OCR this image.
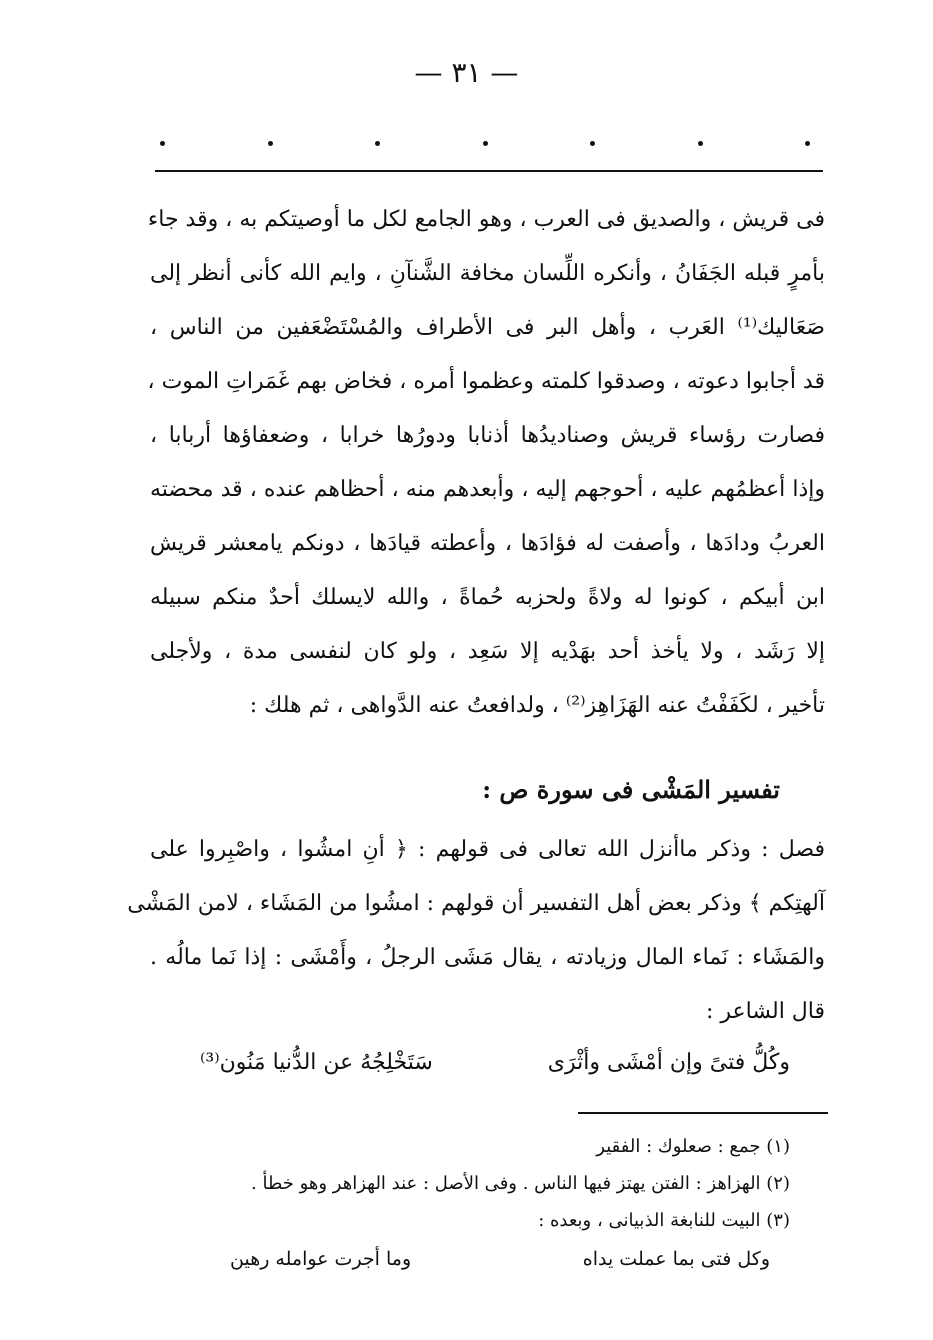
— ٣١ —
فى قريش ، والصديق فى العرب ، وهو الجامع لكل ما أوصيتكم به ، وقد جاء
بأمرٍ قبله الجَفَانُ ، وأنكره اللِّسان مخافة الشَّنآنِ ، وايم الله كأنى أنظر إلى
صَعَاليك⁽¹⁾ العَرب ، وأهل البر فى الأطراف والمُسْتَضْعَفين من الناس ،
قد أجابوا دعوته ، وصدقوا كلمته وعظموا أمره ، فخاض بهم غَمَراتِ الموت ،
فصارت رؤساء قريش وصناديدُها أذنابا ودورُها خرابا ، وضعفاؤها أربابا ،
وإذا أعظمُهم عليه ، أحوجهم إليه ، وأبعدهم منه ، أحظاهم عنده ، قد محضته
العربُ ودادَها ، وأصفت له فؤادَها ، وأعطته قيادَها ، دونكم يامعشر قريش
ابن أبيكم ، كونوا له ولاةً ولحزبه حُماةً ، والله لايسلك أحدٌ منكم سبيله
إلا رَشَد ، ولا يأخذ أحد بهَدْيه إلا سَعِد ، ولو كان لنفسى مدة ، ولأجلى
تأخير ، لكَفَفْتُ عنه الهَزَاهِز⁽²⁾ ، ولدافعتُ عنه الدَّواهى ، ثم هلك :
تفسير المَشْى فى سورة ص :
فصل : وذكر ماأنزل الله تعالى فى قولهم : ﴿ أنِ امشُوا ، واصْبِروا على
آلهتِكم ﴾ وذكر بعض أهل التفسير أن قولهم : امشُوا من المَشَاء ، لامن المَشْى
والمَشَاء : نَماء المال وزيادته ، يقال مَشَى الرجلُ ، وأَمْشَى : إذا نَما مالُه .
قال الشاعر :
وكُلُّ فتىً وإن أمْشَى وأثْرَى
سَتَخْلِجُهُ عن الدُّنيا مَنُون⁽³⁾
(١) جمع : صعلوك : الفقير
(٢) الهزاهز : الفتن يهتز فيها الناس . وفى الأصل : عند الهزاهر وهو خطأ .
(٣) البيت للنابغة الذبيانى ، وبعده :
وكل فتى بما عملت يداه
وما أجرت عوامله رهين
